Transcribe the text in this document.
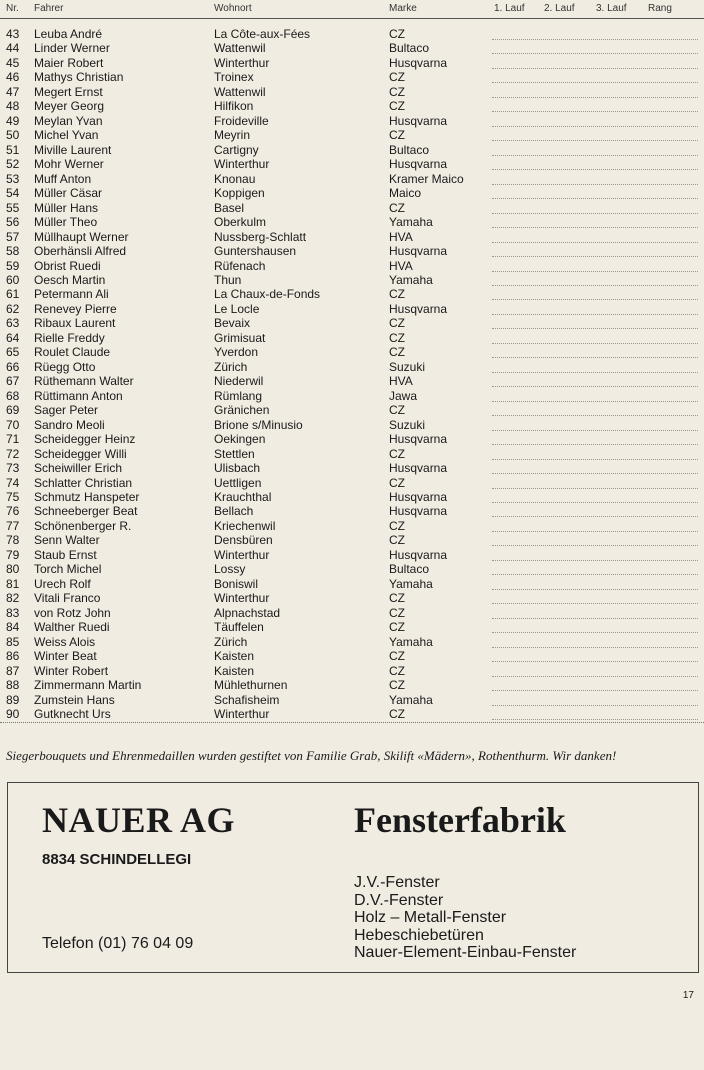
Nr. Fahrer	Wohnort	Marke	1. Lauf 2. Lauf 3. Lauf Rang
43 Leuba André	La Côte-aux-Fées	CZ
44 Linder Werner	Wattenwil	Bultaco
45 Maier Robert	Winterthur	Husqvarna
46 Mathys Christian	Troinex	CZ
47 Megert Ernst	Wattenwil	CZ
48 Meyer Georg	Hilfikon	CZ
49 Meylan Yvan	Froideville	Husqvarna
50 Michel Yvan	Meyrin	CZ
51 Miville Laurent	Cartigny	Bultaco
52 Mohr Werner	Winterthur	Husqvarna
53 Muff Anton	Knonau	Kramer Maico
54 Müller Cäsar	Koppigen	Maico
55 Müller Hans	Basel	CZ
56 Müller Theo	Oberkulm	Yamaha
57 Müllhaupt Werner	Nussberg-Schlatt	HVA
58 Oberhänsli Alfred	Guntershausen	Husqvarna
59 Obrist Ruedi	Rüfenach	HVA
60 Oesch Martin	Thun	Yamaha
61 Petermann Ali	La Chaux-de-Fonds	CZ
62 Renevey Pierre	Le Locle	Husqvarna
63 Ribaux Laurent	Bevaix	CZ
64 Rielle Freddy	Grimisuat	CZ
65 Roulet Claude	Yverdon	CZ
66 Rüegg Otto	Zürich	Suzuki
67 Rüthemann Walter	Niederwil	HVA
68 Rüttimann Anton	Rümlang	Jawa
69 Sager Peter	Gränichen	CZ
70 Sandro Meoli	Brione s/Minusio	Suzuki
71 Scheidegger Heinz	Oekingen	Husqvarna
72 Scheidegger Willi	Stettlen	CZ
73 Scheiwiller Erich	Ulisbach	Husqvarna
74 Schlatter Christian	Uettligen	CZ
75 Schmutz Hanspeter	Krauchthal	Husqvarna
76 Schneeberger Beat	Bellach	Husqvarna
77 Schönenberger R.	Kriechenwil	CZ
78 Senn Walter	Densbüren	CZ
79 Staub Ernst	Winterthur	Husqvarna
80 Torch Michel	Lossy	Bultaco
81 Urech Rolf	Boniswil	Yamaha
82 Vitali Franco	Winterthur	CZ
83 von Rotz John	Alpnachstad	CZ
84 Walther Ruedi	Täuffelen	CZ
85 Weiss Alois	Zürich	Yamaha
86 Winter Beat	Kaisten	CZ
87 Winter Robert	Kaisten	CZ
88 Zimmermann Martin	Mühlethurnen	CZ
89 Zumstein Hans	Schafisheim	Yamaha
90 Gutknecht Urs	Winterthur	CZ
Siegerbouquets und Ehrenmedaillen wurden gestiftet von Familie Grab, Skilift «Mädern», Rothenthurm. Wir danken!
NAUER AG	Fensterfabrik
8834 SCHINDELLEGI
J.V.-Fenster
D.V.-Fenster
Holz – Metall-Fenster
Hebeschiebetüren
Nauer-Element-Einbau-Fenster
Telefon (01) 76 04 09
17
